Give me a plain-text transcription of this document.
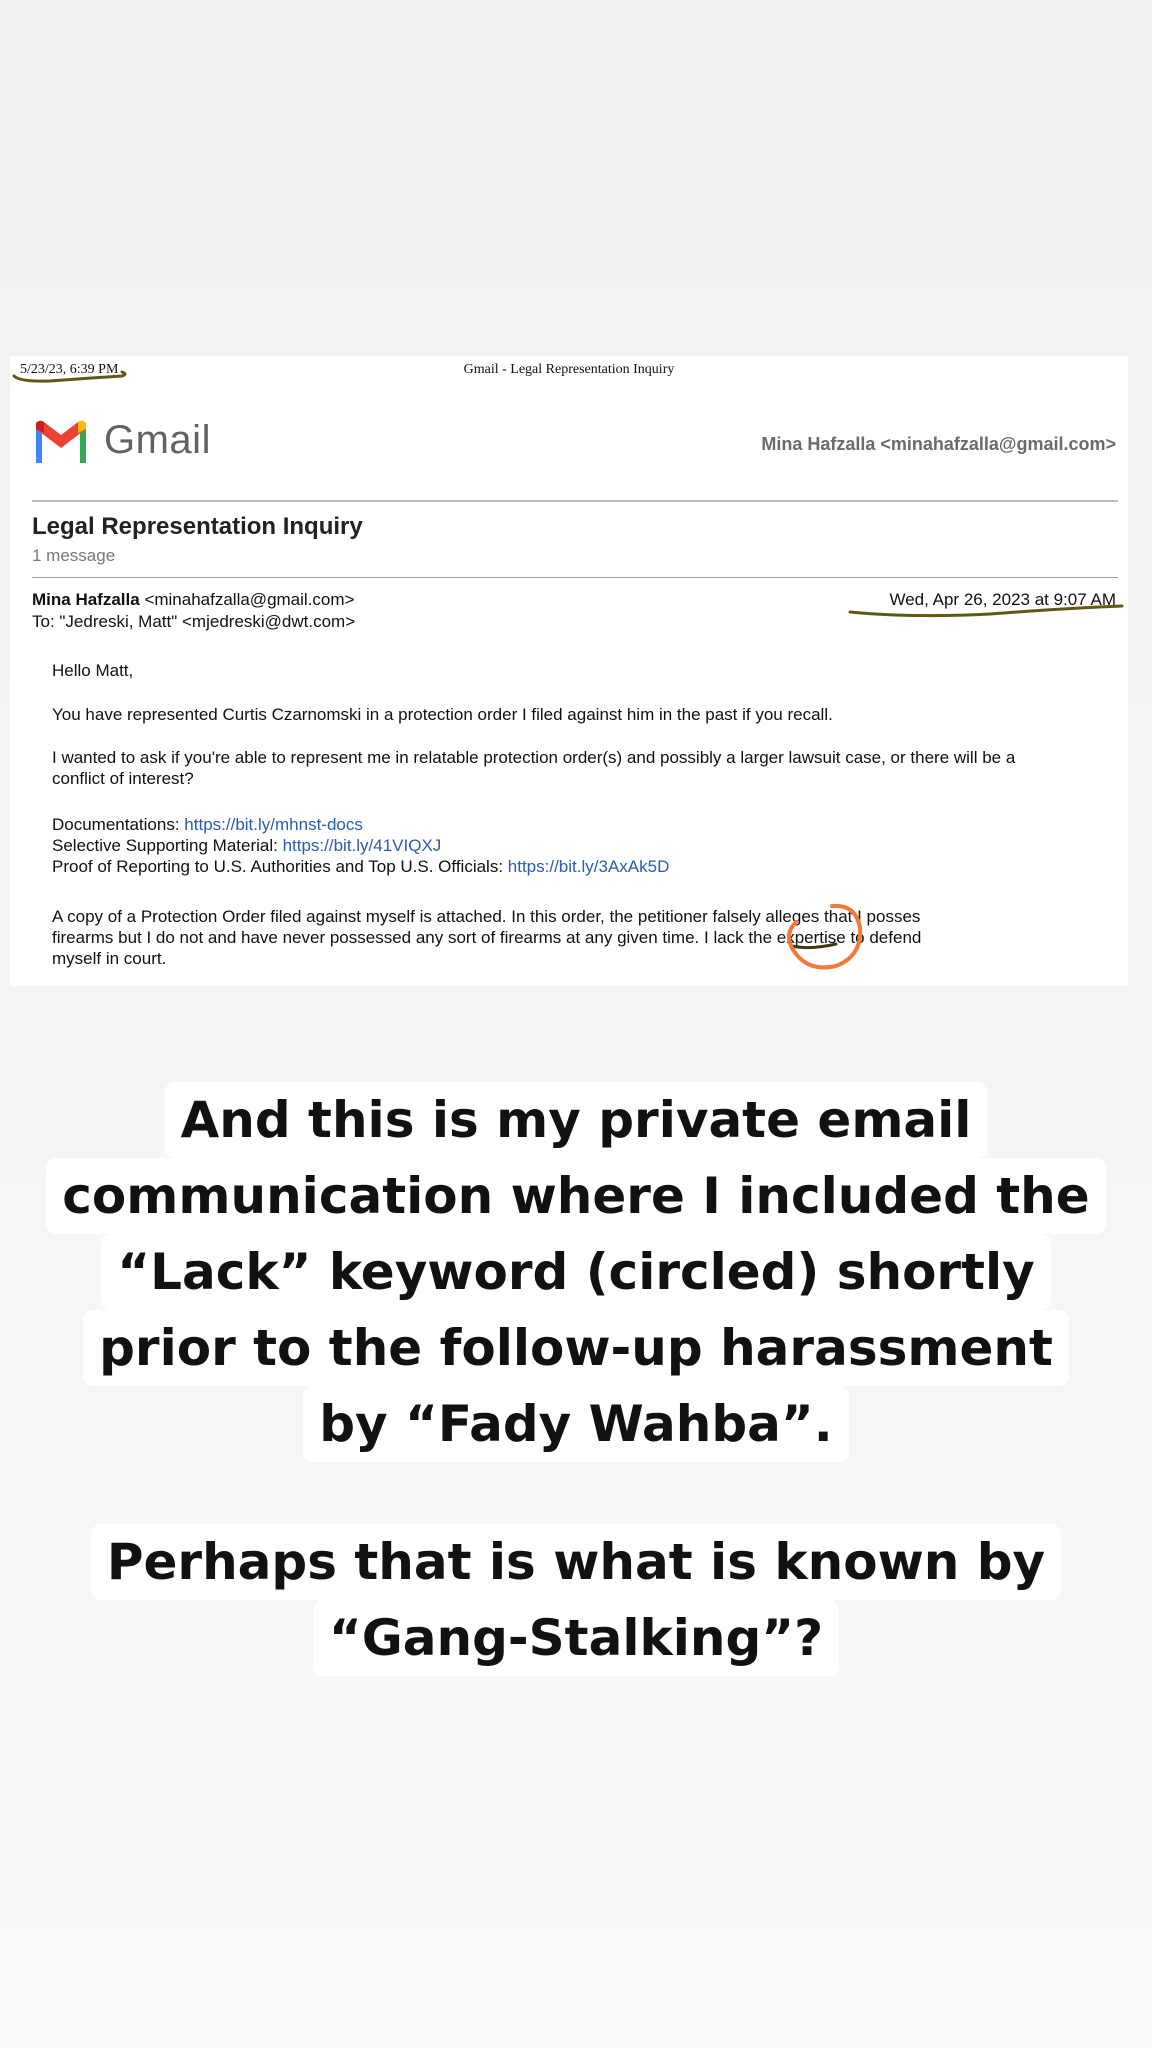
5/23/23, 6:39 PM	Gmail - Legal Representation Inquiry
Gmail	Mina Hafzalla <minahafzalla@gmail.com>
Legal Representation Inquiry
1 message
Mina Hafzalla <minahafzalla@gmail.com>
To: "Jedreski, Matt" <mjedreski@dwt.com>
Wed, Apr 26, 2023 at 9:07 AM
Hello Matt,
You have represented Curtis Czarnomski in a protection order I filed against him in the past if you recall.
I wanted to ask if you're able to represent me in relatable protection order(s) and possibly a larger lawsuit case, or there will be a conflict of interest?
Documentations: https://bit.ly/mhnst-docs
Selective Supporting Material: https://bit.ly/41VIQXJ
Proof of Reporting to U.S. Authorities and Top U.S. Officials: https://bit.ly/3AxAk5D
A copy of a Protection Order filed against myself is attached. In this order, the petitioner falsely alleges that I posses
firearms but I do not and have never possessed any sort of firearms at any given time. I lack the expertise to defend
myself in court.
And this is my private email
communication where I included the
“Lack” keyword (circled) shortly
prior to the follow-up harassment
by “Fady Wahba”.
Perhaps that is what is known by
“Gang-Stalking”?
